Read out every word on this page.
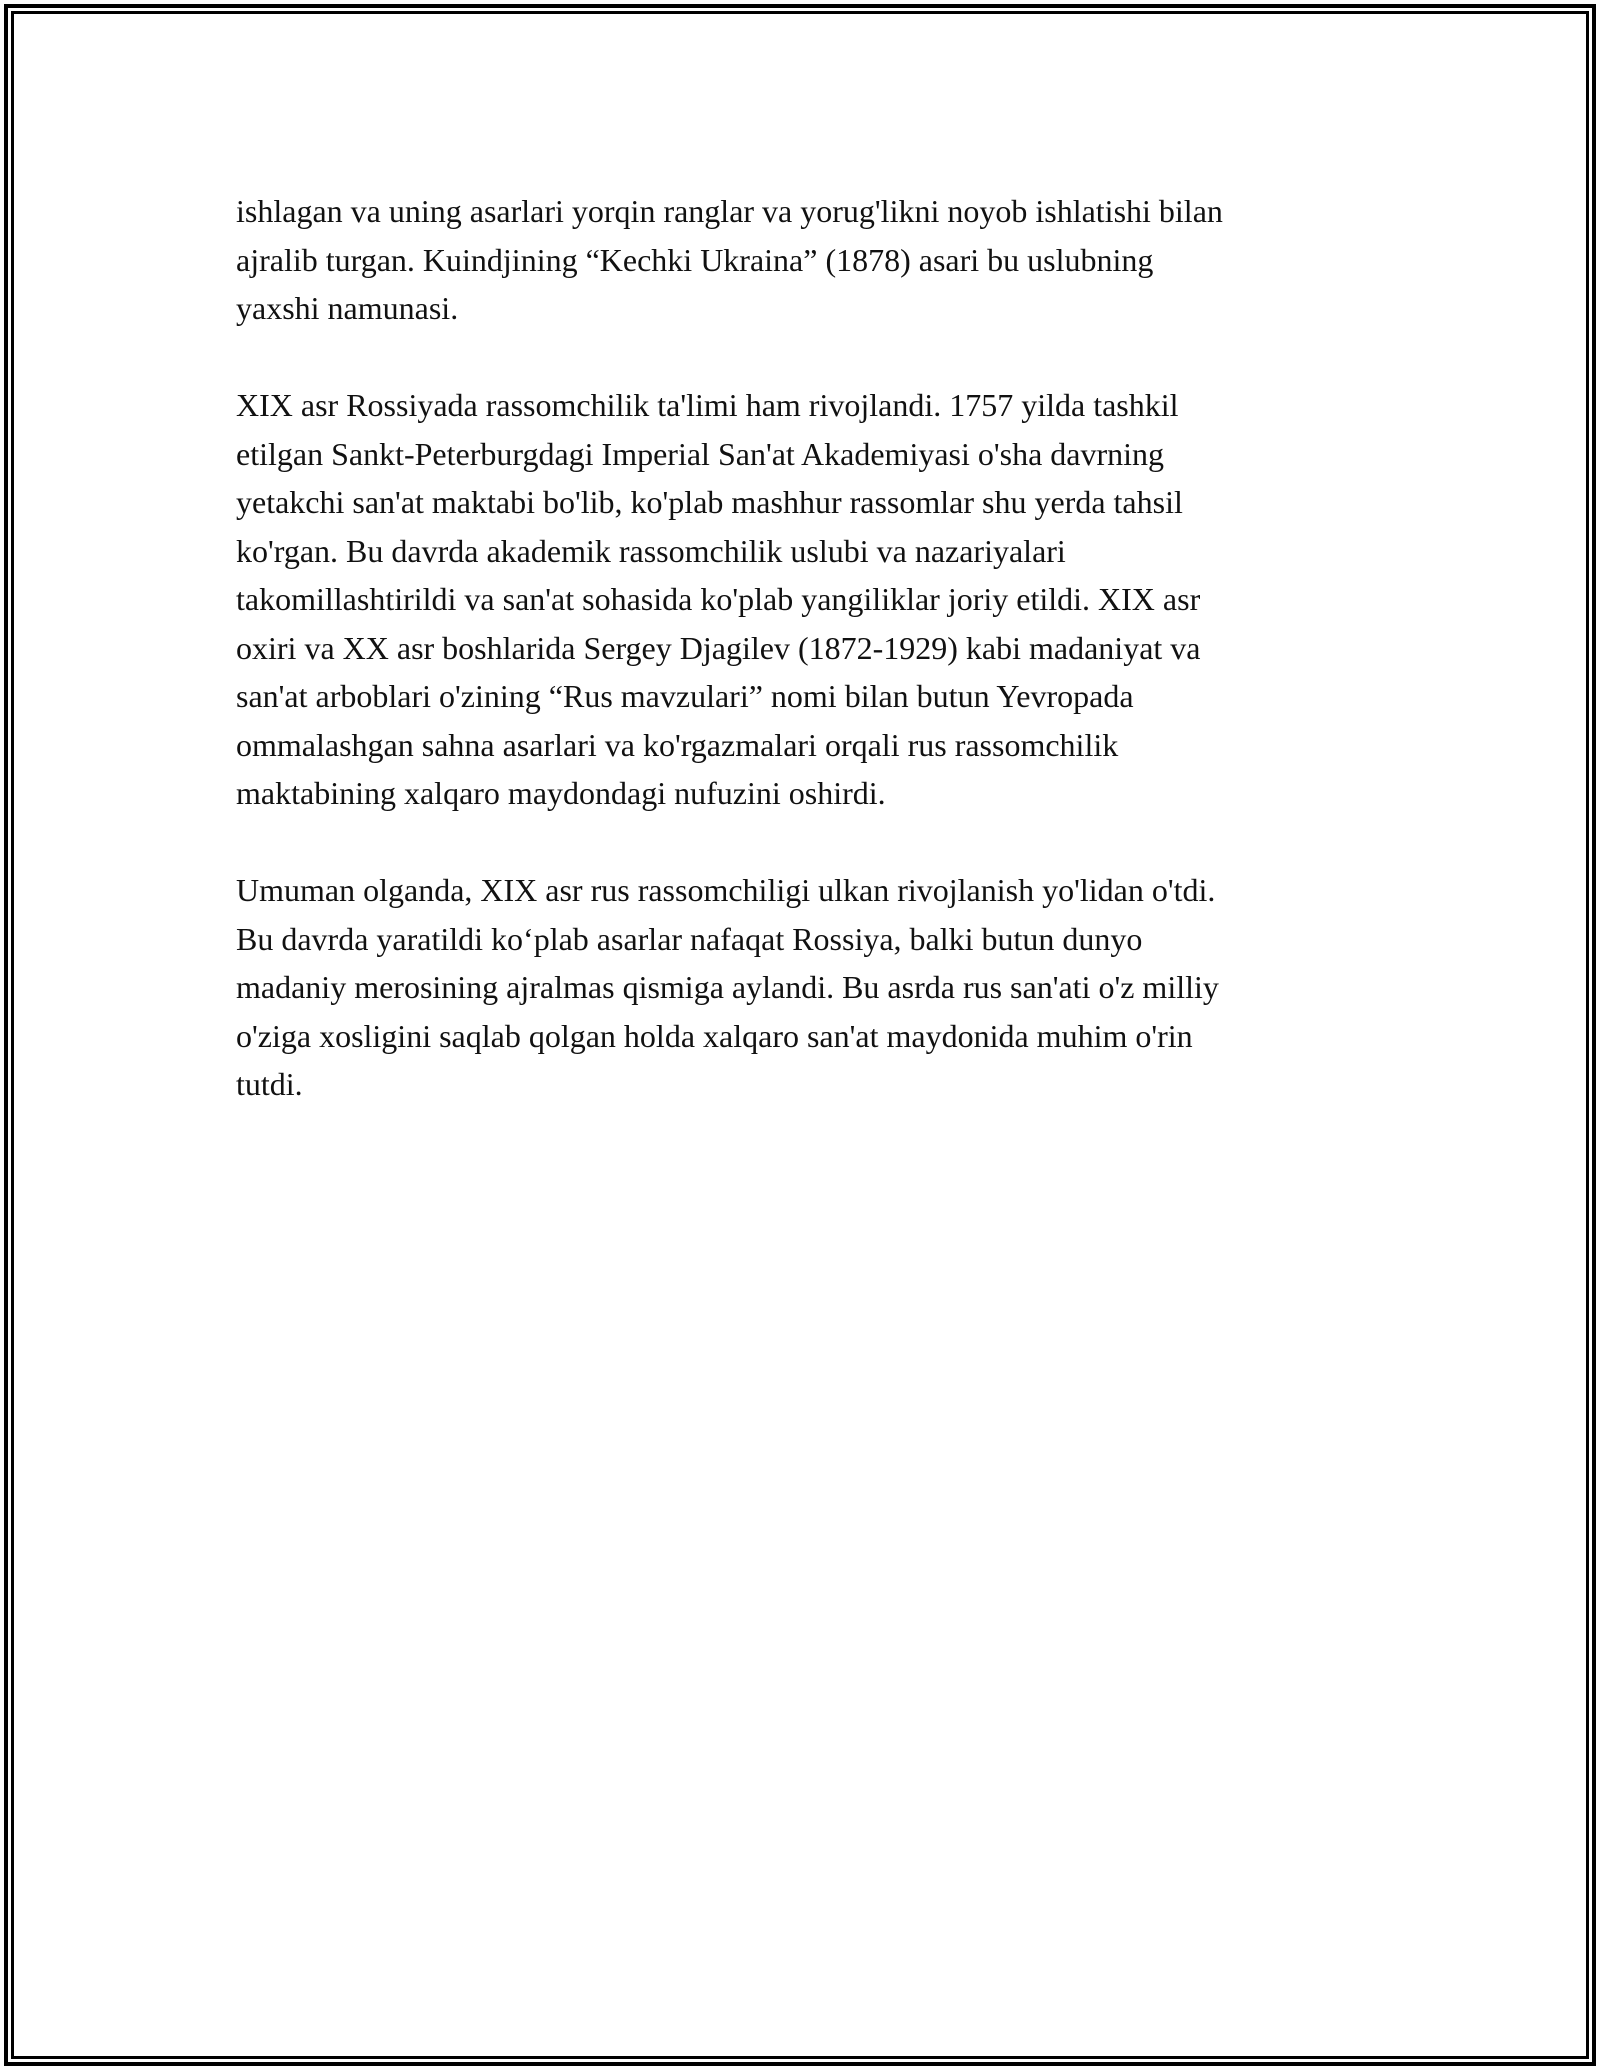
ishlagan va uning asarlari yorqin ranglar va yorug'likni noyob ishlatishi bilan
ajralib turgan. Kuindjining “Kechki Ukraina” (1878) asari bu uslubning
yaxshi namunasi.

XIX asr Rossiyada rassomchilik ta'limi ham rivojlandi. 1757 yilda tashkil
etilgan Sankt-Peterburgdagi Imperial San'at Akademiyasi o'sha davrning
yetakchi san'at maktabi bo'lib, ko'plab mashhur rassomlar shu yerda tahsil
ko'rgan. Bu davrda akademik rassomchilik uslubi va nazariyalari
takomillashtirildi va san'at sohasida ko'plab yangiliklar joriy etildi. XIX asr
oxiri va XX asr boshlarida Sergey Djagilev (1872-1929) kabi madaniyat va
san'at arboblari o'zining “Rus mavzulari” nomi bilan butun Yevropada
ommalashgan sahna asarlari va ko'rgazmalari orqali rus rassomchilik
maktabining xalqaro maydondagi nufuzini oshirdi.

Umuman olganda, XIX asr rus rassomchiligi ulkan rivojlanish yo'lidan o'tdi.
Bu davrda yaratildi ko‘plab asarlar nafaqat Rossiya, balki butun dunyo
madaniy merosining ajralmas qismiga aylandi. Bu asrda rus san'ati o'z milliy
o'ziga xosligini saqlab qolgan holda xalqaro san'at maydonida muhim o'rin
tutdi.
